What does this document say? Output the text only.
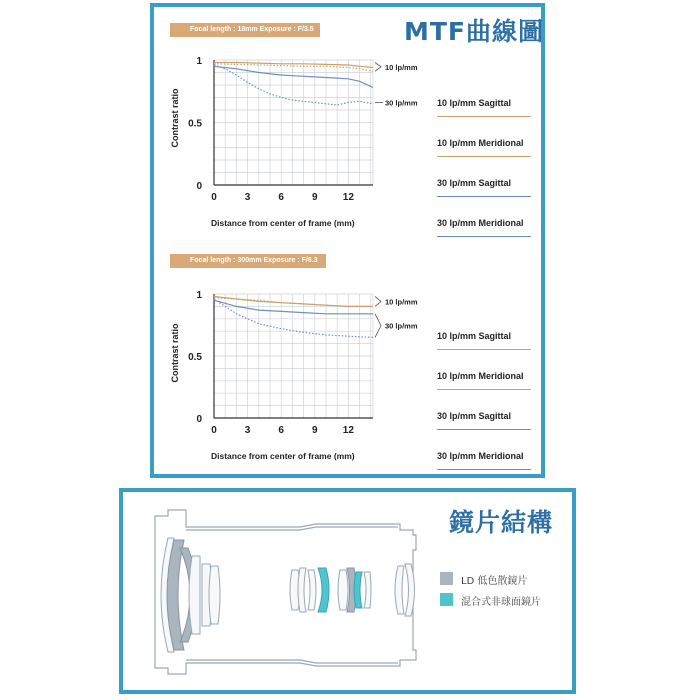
MTF曲線圖
Focal length : 18mm Exposure : F/3.5
Focal length : 300mm Exposure : F/6.3
Contrast ratio
Contrast ratio
Distance from center of frame (mm)
Distance from center of frame (mm)
0	3	6	9	12
0
0.5
1
10 lp/mm
30 lp/mm
0	3	6	9	12
0
0.5
1
10 lp/mm
30 lp/mm
10 lp/mm Sagittal
10 lp/mm Meridional
30 lp/mm Sagittal
30 lp/mm Meridional
10 lp/mm Sagittal
10 lp/mm Meridional
30 lp/mm Sagittal
30 lp/mm Meridional
鏡片結構
LD 低色散鏡片
混合式非球面鏡片
